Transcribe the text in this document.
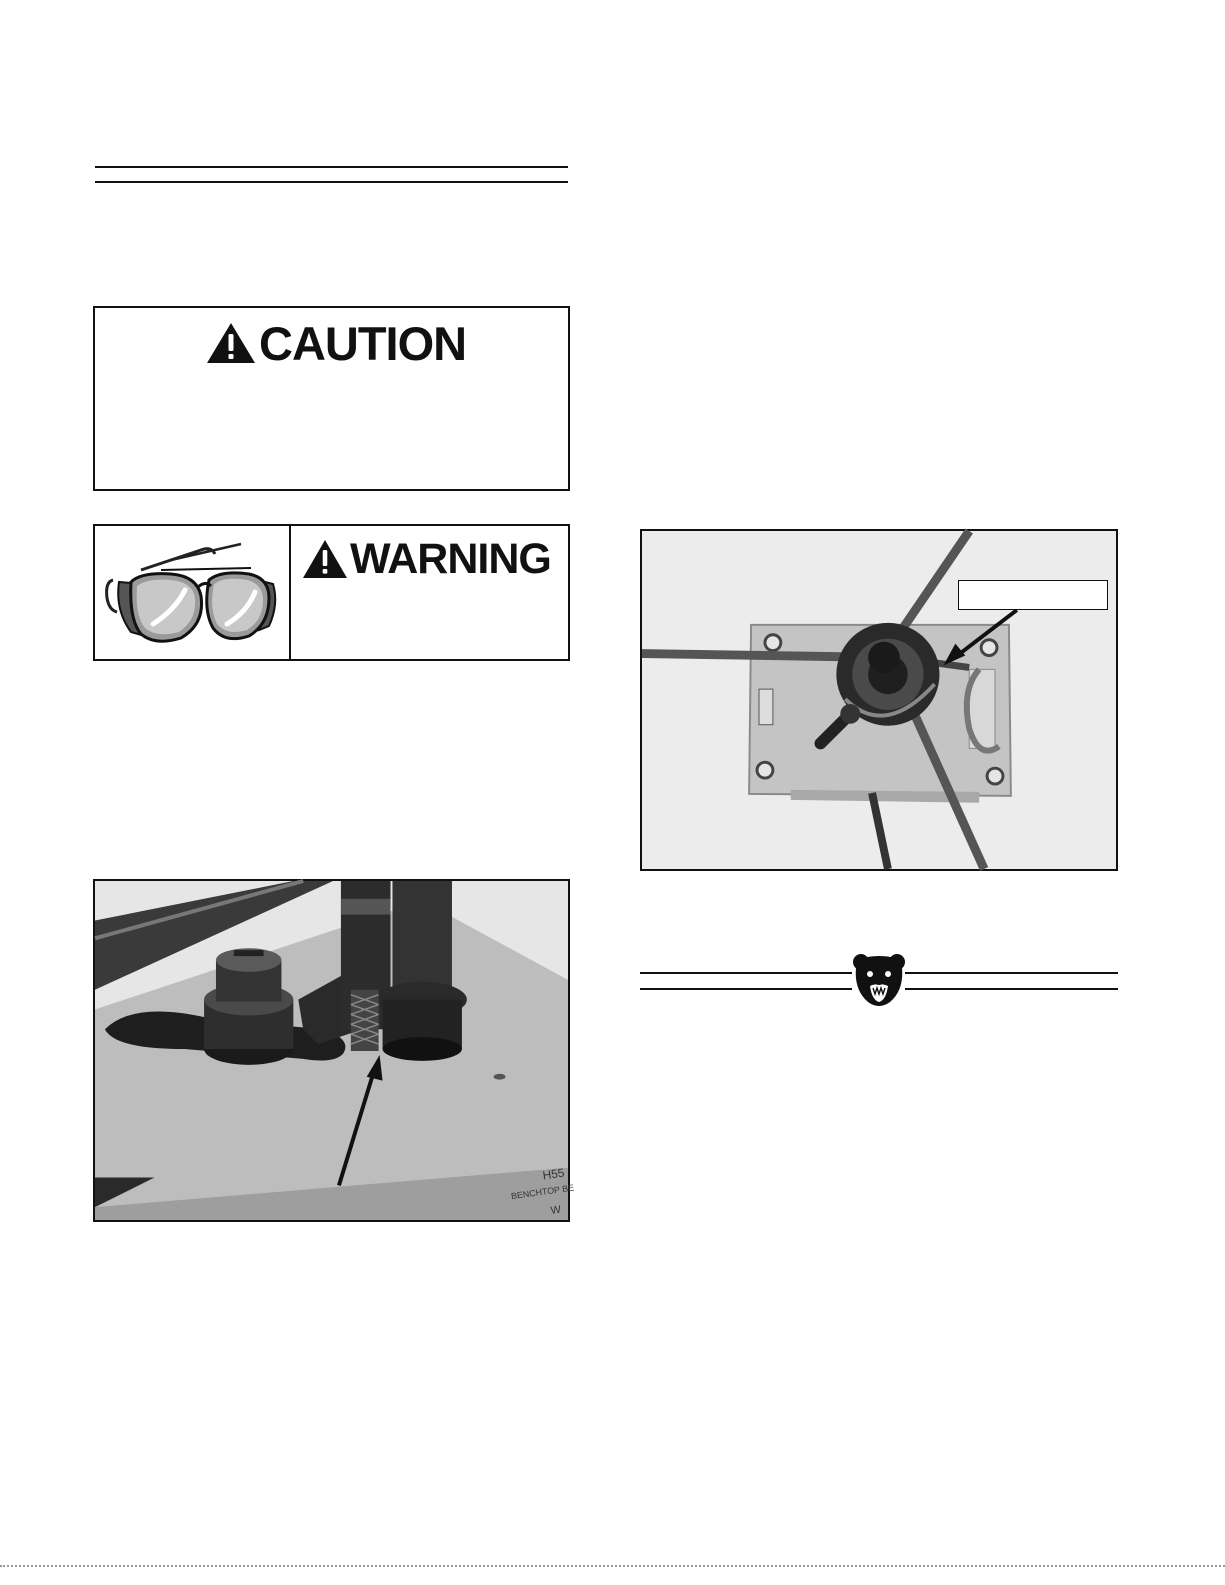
CAUTION
WARNING
H55
BENCHTOP BE
W
